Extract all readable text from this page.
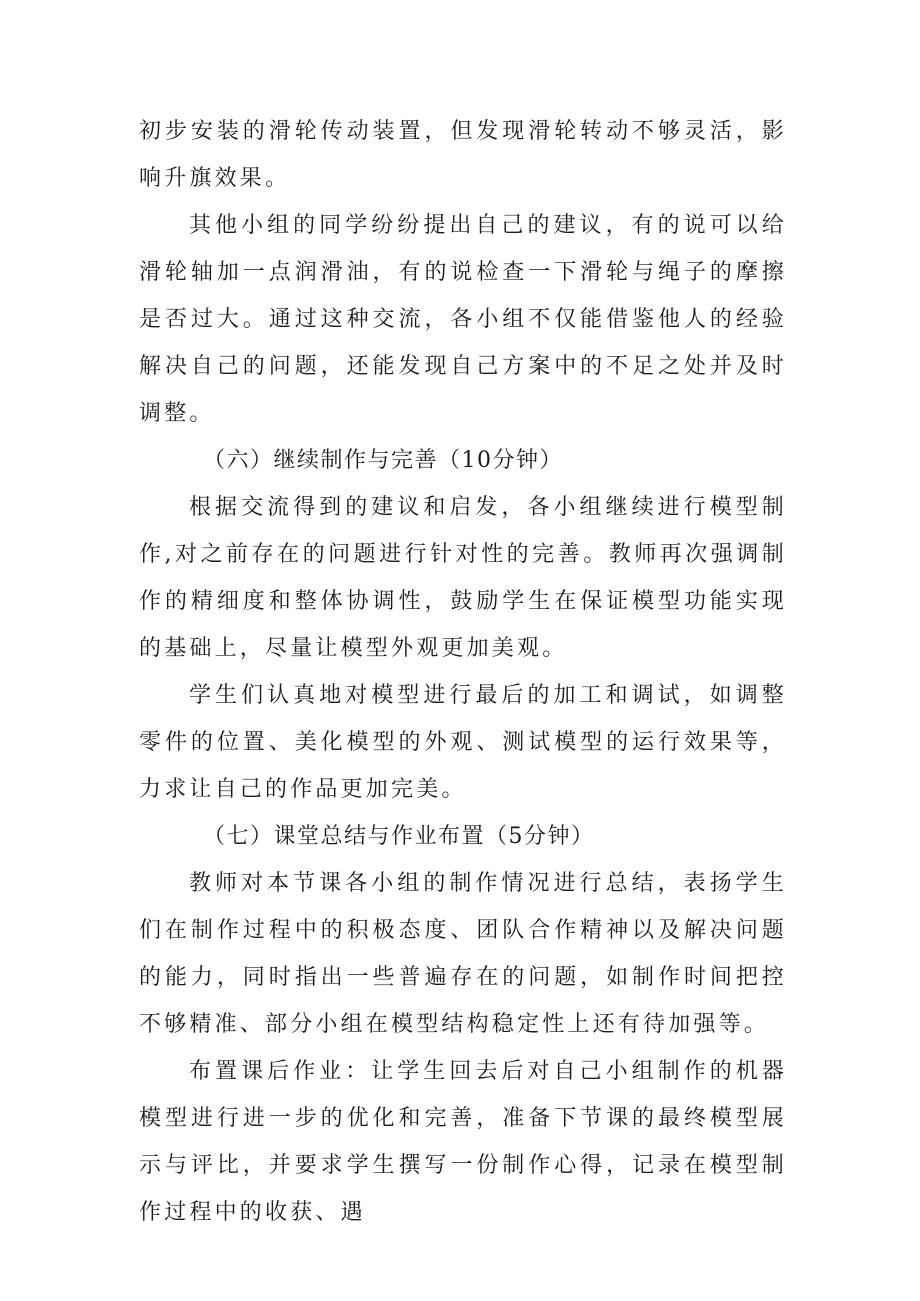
初步安装的滑轮传动装置，但发现滑轮转动不够灵活，影响升旗效果。

其他小组的同学纷纷提出自己的建议，有的说可以给滑轮轴加一点润滑油，有的说检查一下滑轮与绳子的摩擦是否过大。通过这种交流，各小组不仅能借鉴他人的经验解决自己的问题，还能发现自己方案中的不足之处并及时调整。

（六）继续制作与完善（10分钟）

根据交流得到的建议和启发，各小组继续进行模型制作,对之前存在的问题进行针对性的完善。教师再次强调制作的精细度和整体协调性，鼓励学生在保证模型功能实现的基础上，尽量让模型外观更加美观。

学生们认真地对模型进行最后的加工和调试，如调整零件的位置、美化模型的外观、测试模型的运行效果等，力求让自己的作品更加完美。

（七）课堂总结与作业布置（5分钟）

教师对本节课各小组的制作情况进行总结，表扬学生们在制作过程中的积极态度、团队合作精神以及解决问题的能力，同时指出一些普遍存在的问题，如制作时间把控不够精准、部分小组在模型结构稳定性上还有待加强等。

布置课后作业：让学生回去后对自己小组制作的机器模型进行进一步的优化和完善，准备下节课的最终模型展示与评比，并要求学生撰写一份制作心得，记录在模型制作过程中的收获、遇
